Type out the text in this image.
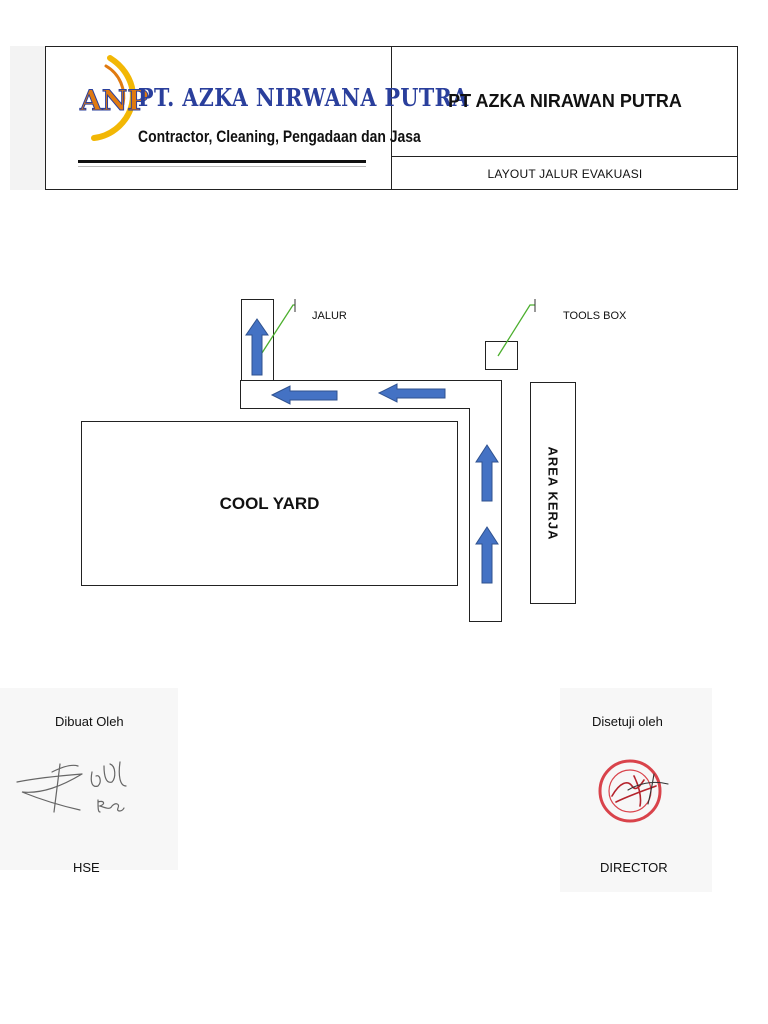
ANP
PT. AZKA NIRWANA PUTRA
Contractor, Cleaning, Pengadaan dan Jasa
PT AZKA NIRAWAN PUTRA
LAYOUT JALUR EVAKUASI
COOL YARD	AREA KERJA
JALUR	TOOLS BOX
Dibuat Oleh
HSE
Disetuji oleh
DIRECTOR
